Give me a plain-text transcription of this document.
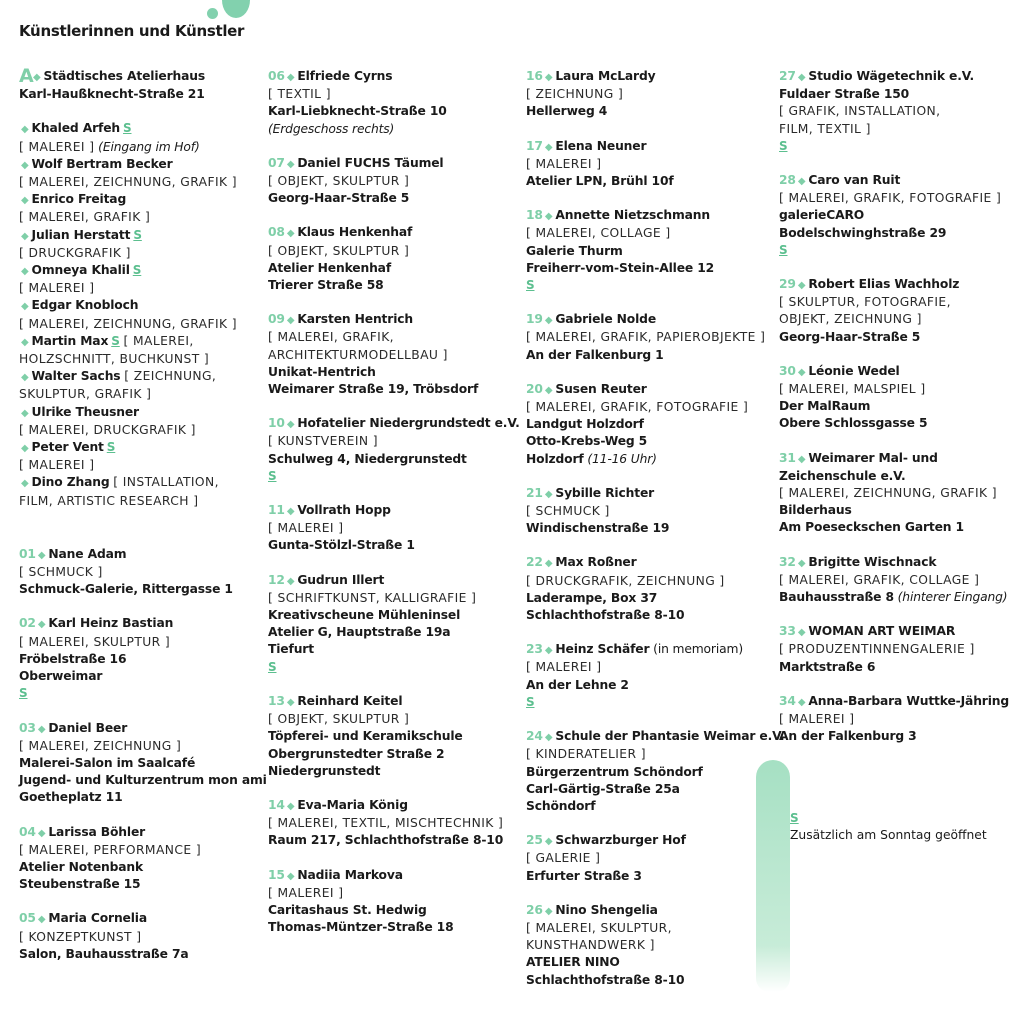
Künstlerinnen und Künstler
A◆ Städtisches Atelierhaus
Karl-Haußknecht-Straße 21
◆ Khaled Arfeh S
[ MALEREI ] (Eingang im Hof)
◆ Wolf Bertram Becker
[ MALEREI, ZEICHNUNG, GRAFIK ]
◆ Enrico Freitag
[ MALEREI, GRAFIK ]
◆ Julian Herstatt S
[ DRUCKGRAFIK ]
◆ Omneya Khalil S
[ MALEREI ]
◆ Edgar Knobloch
[ MALEREI, ZEICHNUNG, GRAFIK ]
◆ Martin Max S [ MALEREI,
HOLZSCHNITT, BUCHKUNST ]
◆ Walter Sachs [ ZEICHNUNG,
SKULPTUR, GRAFIK ]
◆ Ulrike Theusner
[ MALEREI, DRUCKGRAFIK ]
◆ Peter Vent S
[ MALEREI ]
◆ Dino Zhang [ INSTALLATION,
FILM, ARTISTIC RESEARCH ]
01 ◆ Nane Adam
[ SCHMUCK ]
Schmuck-Galerie, Rittergasse 1
02 ◆ Karl Heinz Bastian
[ MALEREI, SKULPTUR ]
Fröbelstraße 16
Oberweimar
S
03 ◆ Daniel Beer
[ MALEREI, ZEICHNUNG ]
Malerei-Salon im Saalcafé
Jugend- und Kulturzentrum mon ami
Goetheplatz 11
04 ◆ Larissa Böhler
[ MALEREI, PERFORMANCE ]
Atelier Notenbank
Steubenstraße 15
05 ◆ Maria Cornelia
[ KONZEPTKUNST ]
Salon, Bauhausstraße 7a
06 ◆ Elfriede Cyrns
[ TEXTIL ]
Karl-Liebknecht-Straße 10
(Erdgeschoss rechts)
07 ◆ Daniel FUCHS Täumel
[ OBJEKT, SKULPTUR ]
Georg-Haar-Straße 5
08 ◆ Klaus Henkenhaf
[ OBJEKT, SKULPTUR ]
Atelier Henkenhaf
Trierer Straße 58
09 ◆ Karsten Hentrich
[ MALEREI, GRAFIK,
ARCHITEKTURMODELLBAU ]
Unikat-Hentrich
Weimarer Straße 19, Tröbsdorf
10 ◆ Hofatelier Niedergrundstedt e.V.
[ KUNSTVEREIN ]
Schulweg 4, Niedergrunstedt
S
11 ◆ Vollrath Hopp
[ MALEREI ]
Gunta-Stölzl-Straße 1
12 ◆ Gudrun Illert
[ SCHRIFTKUNST, KALLIGRAFIE ]
Kreativscheune Mühleninsel
Atelier G, Hauptstraße 19a
Tiefurt
S
13 ◆ Reinhard Keitel
[ OBJEKT, SKULPTUR ]
Töpferei- und Keramikschule
Obergrunstedter Straße 2
Niedergrunstedt
14 ◆ Eva-Maria König
[ MALEREI, TEXTIL, MISCHTECHNIK ]
Raum 217, Schlachthofstraße 8-10
15 ◆ Nadiia Markova
[ MALEREI ]
Caritashaus St. Hedwig
Thomas-Müntzer-Straße 18
16 ◆ Laura McLardy
[ ZEICHNUNG ]
Hellerweg 4
17 ◆ Elena Neuner
[ MALEREI ]
Atelier LPN, Brühl 10f
18 ◆ Annette Nietzschmann
[ MALEREI, COLLAGE ]
Galerie Thurm
Freiherr-vom-Stein-Allee 12
S
19 ◆ Gabriele Nolde
[ MALEREI, GRAFIK, PAPIEROBJEKTE ]
An der Falkenburg 1
20 ◆ Susen Reuter
[ MALEREI, GRAFIK, FOTOGRAFIE ]
Landgut Holzdorf
Otto-Krebs-Weg 5
Holzdorf (11-16 Uhr)
21 ◆ Sybille Richter
[ SCHMUCK ]
Windischenstraße 19
22 ◆ Max Roßner
[ DRUCKGRAFIK, ZEICHNUNG ]
Laderampe, Box 37
Schlachthofstraße 8-10
23 ◆ Heinz Schäfer (in memoriam)
[ MALEREI ]
An der Lehne 2
S
24 ◆ Schule der Phantasie Weimar e.V.
[ KINDERATELIER ]
Bürgerzentrum Schöndorf
Carl-Gärtig-Straße 25a
Schöndorf
25 ◆ Schwarzburger Hof
[ GALERIE ]
Erfurter Straße 3
26 ◆ Nino Shengelia
[ MALEREI, SKULPTUR,
KUNSTHANDWERK ]
ATELIER NINO
Schlachthofstraße 8-10
27 ◆ Studio Wägetechnik e.V.
Fuldaer Straße 150
[ GRAFIK, INSTALLATION,
FILM, TEXTIL ]
S
28 ◆ Caro van Ruit
[ MALEREI, GRAFIK, FOTOGRAFIE ]
galerieCARO
Bodelschwinghstraße 29
S
29 ◆ Robert Elias Wachholz
[ SKULPTUR, FOTOGRAFIE,
OBJEKT, ZEICHNUNG ]
Georg-Haar-Straße 5
30 ◆ Léonie Wedel
[ MALEREI, MALSPIEL ]
Der MalRaum
Obere Schlossgasse 5
31 ◆ Weimarer Mal- und
Zeichenschule e.V.
[ MALEREI, ZEICHNUNG, GRAFIK ]
Bilderhaus
Am Poeseckschen Garten 1
32 ◆ Brigitte Wischnack
[ MALEREI, GRAFIK, COLLAGE ]
Bauhausstraße 8 (hinterer Eingang)
33 ◆ WOMAN ART WEIMAR
[ PRODUZENTINNENGALERIE ]
Marktstraße 6
34 ◆ Anna-Barbara Wuttke-Jähring
[ MALEREI ]
An der Falkenburg 3
S
Zusätzlich am Sonntag geöffnet
